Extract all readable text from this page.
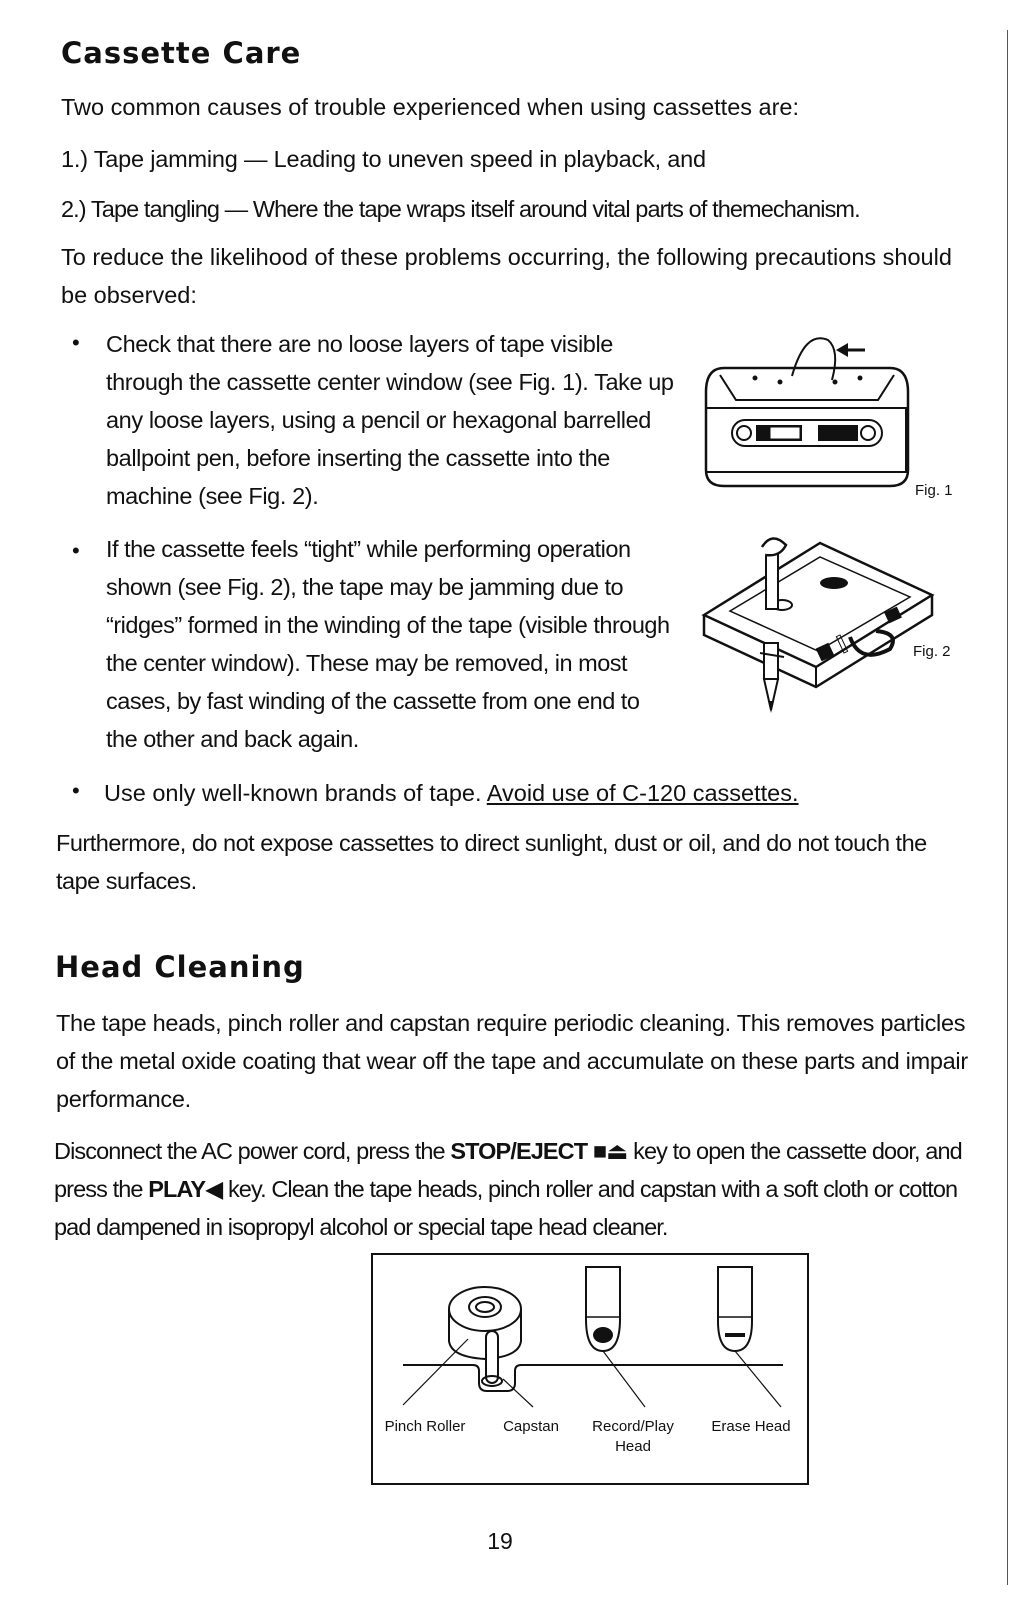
Cassette Care

Two common causes of trouble experienced when using cassettes are:

1.) Tape jamming — Leading to uneven speed in playback, and

2.) Tape tangling — Where the tape wraps itself around vital parts of themechanism.

To reduce the likelihood of these problems occurring, the following precautions should be observed:

• Check that there are no loose layers of tape visible through the cassette center window (see Fig. 1). Take up any loose layers, using a pencil or hexagonal barrelled ballpoint pen, before inserting the cassette into the machine (see Fig. 2).	Fig. 1
• If the cassette feels “tight” while performing operation shown (see Fig. 2), the tape may be jamming due to “ridges” formed in the winding of the tape (visible through the center window). These may be removed, in most cases, by fast winding of the cassette from one end to the other and back again.

Fig. 2
• Use only well-known brands of tape. Avoid use of C-120 cassettes.

Furthermore, do not expose cassettes to direct sunlight, dust or oil, and do not touch the tape surfaces.

Head Cleaning

The tape heads, pinch roller and capstan require periodic cleaning. This removes particles of the metal oxide coating that wear off the tape and accumulate on these parts and impair performance.

Disconnect the AC power cord, press the STOP/EJECT ■⏏ key to open the cassette door, and press the PLAY◀ key. Clean the tape heads, pinch roller and capstan with a soft cloth or cotton pad dampened in isopropyl alcohol or special tape head cleaner.

Pinch Roller	Capstan	Record/Play Head
Erase Head
19
